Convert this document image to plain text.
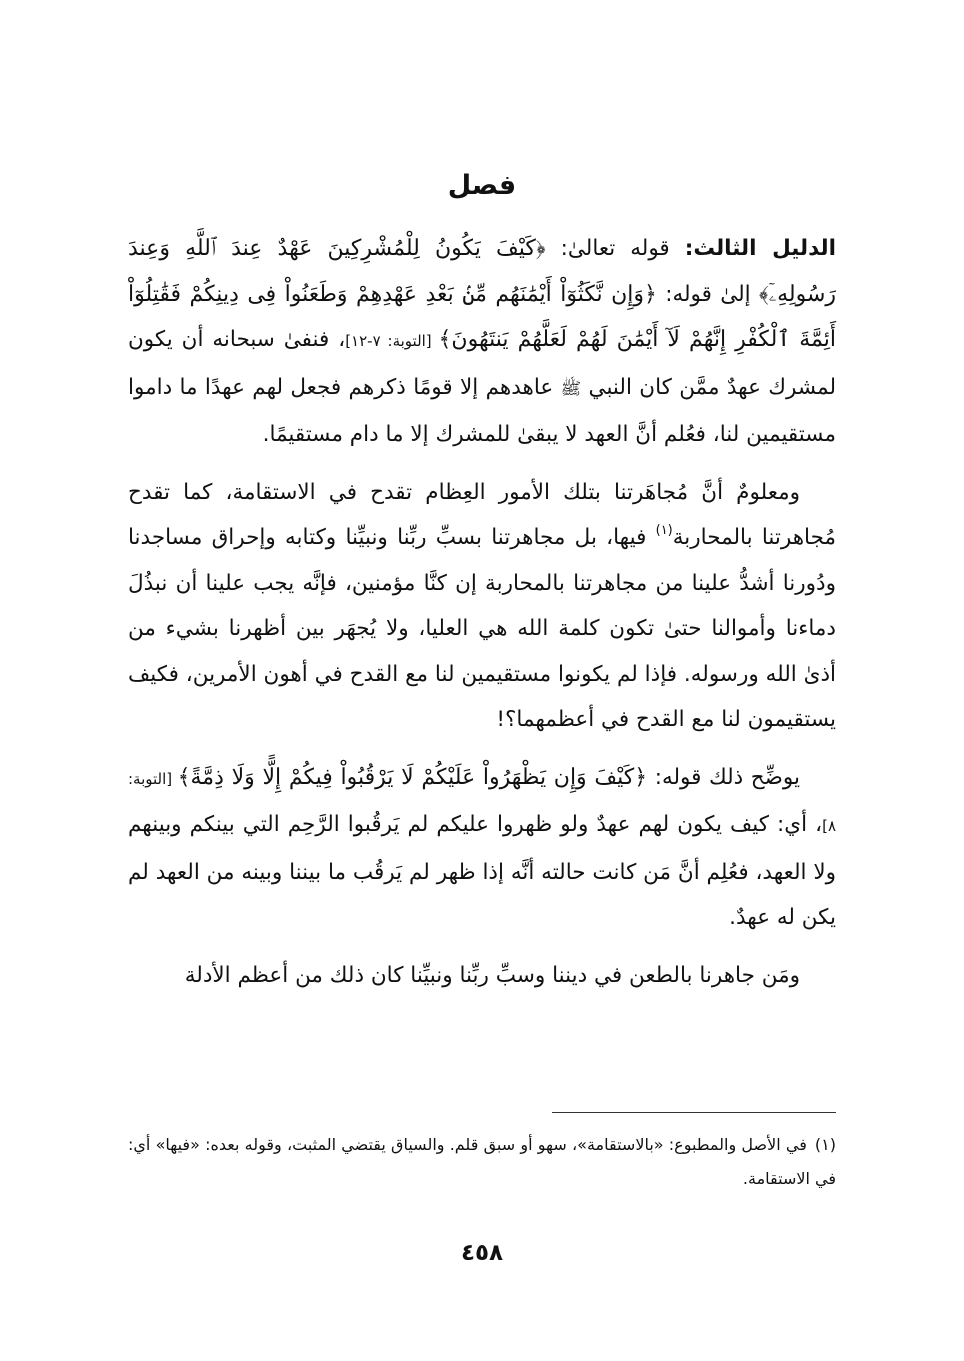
فصل

الدليل الثالث: قوله تعالىٰ: ﴿كَيْفَ يَكُونُ لِلْمُشْرِكِينَ عَهْدٌ عِندَ ٱللَّهِ وَعِندَ رَسُولِهِۦٓ﴾ إلىٰ قوله: ﴿وَإِن نَّكَثُوٓاْ أَيْمَٰنَهُم مِّنۢ بَعْدِ عَهْدِهِمْ وَطَعَنُواْ فِى دِينِكُمْ فَقَٰتِلُوٓاْ أَئِمَّةَ ٱلْكُفْرِ إِنَّهُمْ لَآ أَيْمَٰنَ لَهُمْ لَعَلَّهُمْ يَنتَهُونَ﴾ [التوبة: ٧-١٢]، فنفىٰ سبحانه أن يكون لمشرك عهدٌ ممَّن كان النبي ﷺ عاهدهم إلا قومًا ذكرهم فجعل لهم عهدًا ما داموا مستقيمين لنا، فعُلم أنَّ العهد لا يبقىٰ للمشرك إلا ما دام مستقيمًا.

ومعلومٌ أنَّ مُجاهَرتنا بتلك الأمور العِظام تقدح في الاستقامة، كما تقدح مُجاهرتنا بالمحاربة$^{(١)}$ فيها، بل مجاهرتنا بسبِّ ربِّنا ونبيِّنا وكتابه وإحراق مساجدنا ودُورنا أشدُّ علينا من مجاهرتنا بالمحاربة إن كنَّا مؤمنين، فإنَّه يجب علينا أن نبذُلَ دماءنا وأموالنا حتىٰ تكون كلمة الله هي العليا، ولا يُجهَر بين أظهرنا بشيء من أذىٰ الله ورسوله. فإذا لم يكونوا مستقيمين لنا مع القدح في أهون الأمرين، فكيف يستقيمون لنا مع القدح في أعظمهما؟!

يوضِّح ذلك قوله: ﴿كَيْفَ وَإِن يَظْهَرُواْ عَلَيْكُمْ لَا يَرْقُبُواْ فِيكُمْ إِلًّا وَلَا ذِمَّةً﴾ [التوبة: ٨]، أي: كيف يكون لهم عهدٌ ولو ظهروا عليكم لم يَرقُبوا الرَّحِم التي بينكم وبينهم ولا العهد، فعُلِم أنَّ مَن كانت حالته أنَّه إذا ظهر لم يَرقُب ما بيننا وبينه من العهد لم يكن له عهدٌ.

ومَن جاهرنا بالطعن في ديننا وسبِّ ربِّنا ونبيِّنا كان ذلك من أعظم الأدلة

(١)في الأصل والمطبوع: «بالاستقامة»، سهو أو سبق قلم. والسياق يقتضي المثبت، وقوله بعده: «فيها» أي: في الاستقامة.
٤٥٨
